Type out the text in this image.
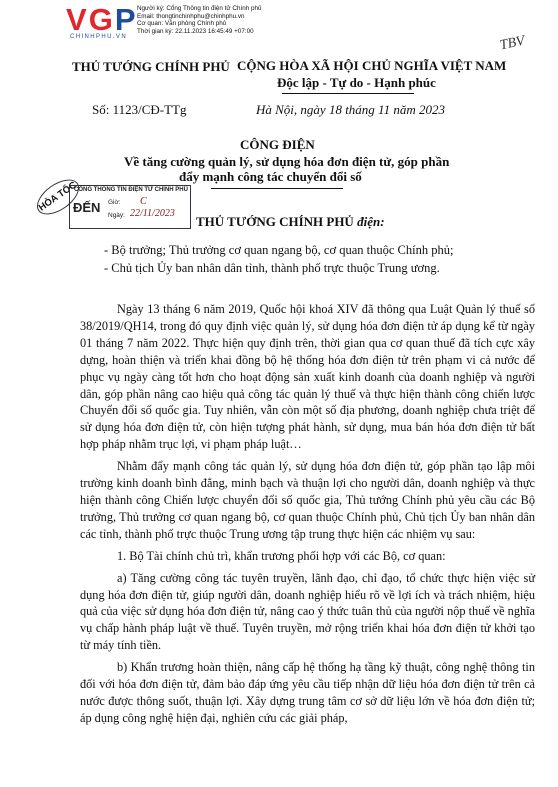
VGP
CHINHPHU.VN
Người ký: Cổng Thông tin điện tử Chính phủ
Email: thongtinchinhphu@chinhphu.vn
Cơ quan: Văn phòng Chính phủ
Thời gian ký: 22.11.2023 16:45:49 +07:00
TBV
THỦ TƯỚNG CHÍNH PHỦ CỘNG HÒA XÃ HỘI CHỦ NGHĨA VIỆT NAM
Độc lập - Tự do - Hạnh phúc
Số: 1123/CĐ-TTg	Hà Nội, ngày 18 tháng 11 năm 2023
CÔNG ĐIỆN
Về tăng cường quản lý, sử dụng hóa đơn điện tử, góp phần
đẩy mạnh công tác chuyển đổi số
HỎA TỐC
CỔNG THÔNG TIN ĐIỆN TỬ CHÍNH PHỦ
ĐẾN Giờ: C
Ngày: 22/11/2023
THỦ TƯỚNG CHÍNH PHỦ điện:
- Bộ trưởng; Thủ trưởng cơ quan ngang bộ, cơ quan thuộc Chính phủ;
- Chủ tịch Ủy ban nhân dân tỉnh, thành phố trực thuộc Trung ương.

Ngày 13 tháng 6 năm 2019, Quốc hội khoá XIV đã thông qua Luật Quản lý thuế số 38/2019/QH14, trong đó quy định việc quản lý, sử dụng hóa đơn điện tử áp dụng kể từ ngày 01 tháng 7 năm 2022. Thực hiện quy định trên, thời gian qua cơ quan thuế đã tích cực xây dựng, hoàn thiện và triển khai đồng bộ hệ thống hóa đơn điện tử trên phạm vi cả nước để phục vụ ngày càng tốt hơn cho hoạt động sản xuất kinh doanh của doanh nghiệp và người dân, góp phần nâng cao hiệu quả công tác quản lý thuế và thực hiện thành công chiến lược Chuyển đổi số quốc gia. Tuy nhiên, vẫn còn một số địa phương, doanh nghiệp chưa triệt để sử dụng hóa đơn điện tử, còn hiện tượng phát hành, sử dụng, mua bán hóa đơn điện tử bất hợp pháp nhằm trục lợi, vi phạm pháp luật…

Nhằm đẩy mạnh công tác quản lý, sử dụng hóa đơn điện tử, góp phần tạo lập môi trường kinh doanh bình đẳng, minh bạch và thuận lợi cho người dân, doanh nghiệp và thực hiện thành công Chiến lược chuyển đổi số quốc gia, Thủ tướng Chính phủ yêu cầu các Bộ trưởng, Thủ trưởng cơ quan ngang bộ, cơ quan thuộc Chính phủ, Chủ tịch Ủy ban nhân dân các tỉnh, thành phố trực thuộc Trung ương tập trung thực hiện các nhiệm vụ sau:

1. Bộ Tài chính chủ trì, khẩn trương phối hợp với các Bộ, cơ quan:

a) Tăng cường công tác tuyên truyền, lãnh đạo, chỉ đạo, tổ chức thực hiện việc sử dụng hóa đơn điện tử, giúp người dân, doanh nghiệp hiểu rõ về lợi ích và trách nhiệm, hiệu quả của việc sử dụng hóa đơn điện tử, nâng cao ý thức tuân thủ của người nộp thuế về nghĩa vụ chấp hành pháp luật về thuế. Tuyên truyền, mở rộng triển khai hóa đơn điện tử khởi tạo từ máy tính tiền.

b) Khẩn trương hoàn thiện, nâng cấp hệ thống hạ tầng kỹ thuật, công nghệ thông tin đối với hóa đơn điện tử, đảm bảo đáp ứng yêu cầu tiếp nhận dữ liệu hóa đơn điện tử trên cả nước được thông suốt, thuận lợi. Xây dựng trung tâm cơ sở dữ liệu lớn về hóa đơn điện tử; áp dụng công nghệ hiện đại, nghiên cứu các giải pháp,
